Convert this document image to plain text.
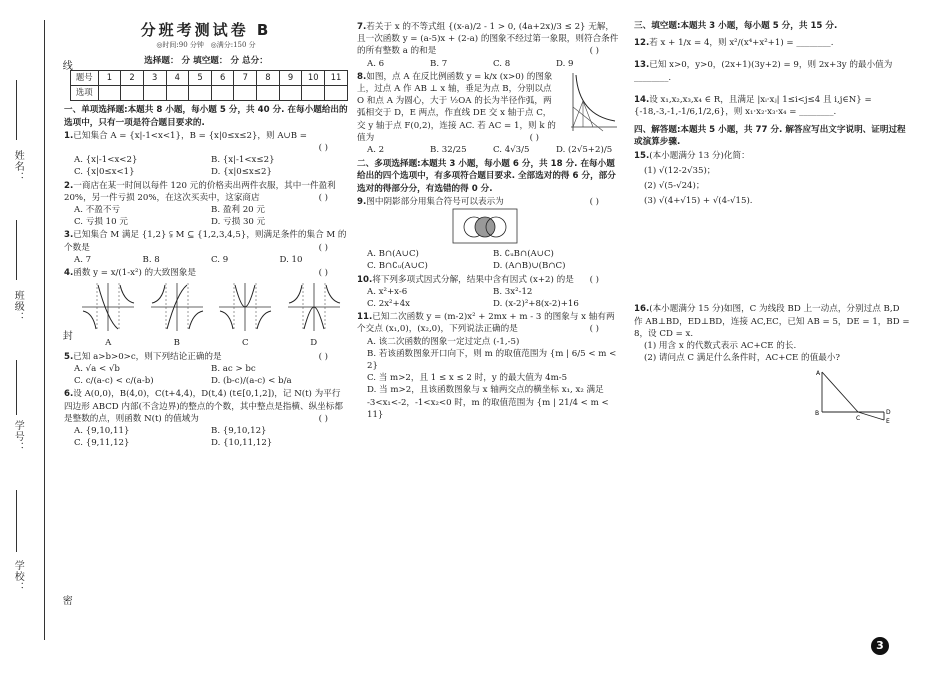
线
封
密
姓名：
班级：
学号：
学校：
分班考测试卷 B
◎时间:90 分钟 ◎满分:150 分
选择题： 分 填空题： 分 总分：
题号	1	2	3	4	5	6	7	8	9	10	11
选项											
一、单项选择题:本题共 8 小题，每小题 5 分，共 40 分. 在每小题给出的选项中，只有一项是符合题目要求的.
1.已知集合 A = {x|-1<x<1}，B = {x|0≤x≤2}，则 A∪B =
( )

A. {x|-1<x<2}	B. {x|-1<x≤2}
C. {x|0≤x<1}	D. {x|0≤x≤2}
2.一商店在某一时间以每件 120 元的价格卖出两件衣服，其中一件盈利 20%，另一件亏损 20%，在这次买卖中，这家商店	( )
A. 不盈不亏	B. 盈利 20 元
C. 亏损 10 元	D. 亏损 30 元
3.已知集合 M 满足 {1,2} ⫋ M ⊆ {1,2,3,4,5}，则满足条件的集合 M 的个数是	( )
A. 7	B. 8	C. 9	D. 10
4.函数 y = x/(1-x²) 的大致图象是	( )
A	B	C	D
5.已知 a>b>0>c，则下列结论正确的是	( )
A. √a < √b	B. ac > bc
C. c/(a-c) < c/(a-b)	D. (b-c)/(a-c) < b/a
6.设 A(0,0)，B(4,0)，C(t+4,4)，D(t,4) (t∈[0,1,2])，记 N(t) 为平行四边形 ABCD 内部(不含边界)的整点的个数，其中整点是指横、纵坐标都是整数的点，则函数 N(t) 的值域为	( )
A. {9,10,11}	B. {9,10,12}
C. {9,11,12}	D. {10,11,12}
7.若关于 x 的不等式组 {(x-a)/2 - 1 > 0, (4a+2x)/3 ≤ 2} 无解，且一次函数 y = (a-5)x + (2-a) 的图象不经过第一象限，则符合条件的所有整数 a 的和是	( )
A. 6	B. 7	C. 8	D. 9
8.如图，点 A 在反比例函数 y = k/x (x>0) 的图象上，过点 A 作 AB ⊥ x 轴，垂足为点 B，分别以点 O 和点 A 为圆心，大于 ½OA 的长为半径作弧，两弧相交于 D，E 两点，作直线 DE 交 x 轴于点 C，交 y 轴于点 F(0,2)，连接 AC. 若 AC = 1，则 k 的值为	( )
A. 2	B. 32/25	C. 4√3/5	D. (2√5+2)/5
二、多项选择题:本题共 3 小题，每小题 6 分，共 18 分. 在每小题给出的四个选项中，有多项符合题目要求. 全部选对的得 6 分，部分选对的得部分分，有选错的得 0 分.
9.图中阴影部分用集合符号可以表示为	( )
A. B∩(A∪C)	B. ∁ᵤB∩(A∪C)
C. B∩∁ᵤ(A∪C)	D. (A∩B)∪(B∩C)
10.将下列多项式因式分解，结果中含有因式 (x+2) 的是 ( )
A. x²+x-6	B. 3x²-12
C. 2x²+4x	D. (x-2)²+8(x-2)+16
11.已知二次函数 y = (m-2)x² + 2mx + m - 3 的图象与 x 轴有两个交点 (x₁,0)，(x₂,0)，下列说法正确的是	( )
A. 该二次函数的图象一定过定点 (-1,-5)
B. 若该函数图象开口向下，则 m 的取值范围为 {m | 6/5 < m < 2}
C. 当 m>2，且 1 ≤ x ≤ 2 时，y 的最大值为 4m-5
D. 当 m>2，且该函数图象与 x 轴两交点的横坐标 x₁, x₂ 满足 -3<x₁<-2，-1<x₂<0 时，m 的取值范围为 {m | 21/4 < m < 11}
三、填空题:本题共 3 小题，每小题 5 分，共 15 分.
12.若 x + 1/x = 4，则 x²/(x⁴+x²+1) = ________.
13.已知 x>0，y>0，(2x+1)(3y+2) = 9，则 2x+3y 的最小值为________.
14.设 x₁,x₂,x₃,x₄ ∈ R，且满足 |xᵢ·xⱼ| 1≤i<j≤4 且 i,j∈N} = {-18,-3,-1,-1/6,1/2,6}，则 x₁·x₂·x₃·x₄ = ________.
四、解答题:本题共 5 小题，共 77 分. 解答应写出文字说明、证明过程或演算步骤.
15.(本小题满分 13 分)化简：
(1) √(12-2√35)；
(2) √(5-√24)；
(3) √(4+√15) + √(4-√15).
16.(本小题满分 15 分)如图，C 为线段 BD 上一动点，分别过点 B,D 作 AB⊥BD，ED⊥BD，连接 AC,EC，已知 AB = 5，DE = 1，BD = 8，设 CD = x.
(1) 用含 x 的代数式表示 AC+CE 的长.
(2) 请问点 C 满足什么条件时，AC+CE 的值最小?
A
B
C
D
E
3
